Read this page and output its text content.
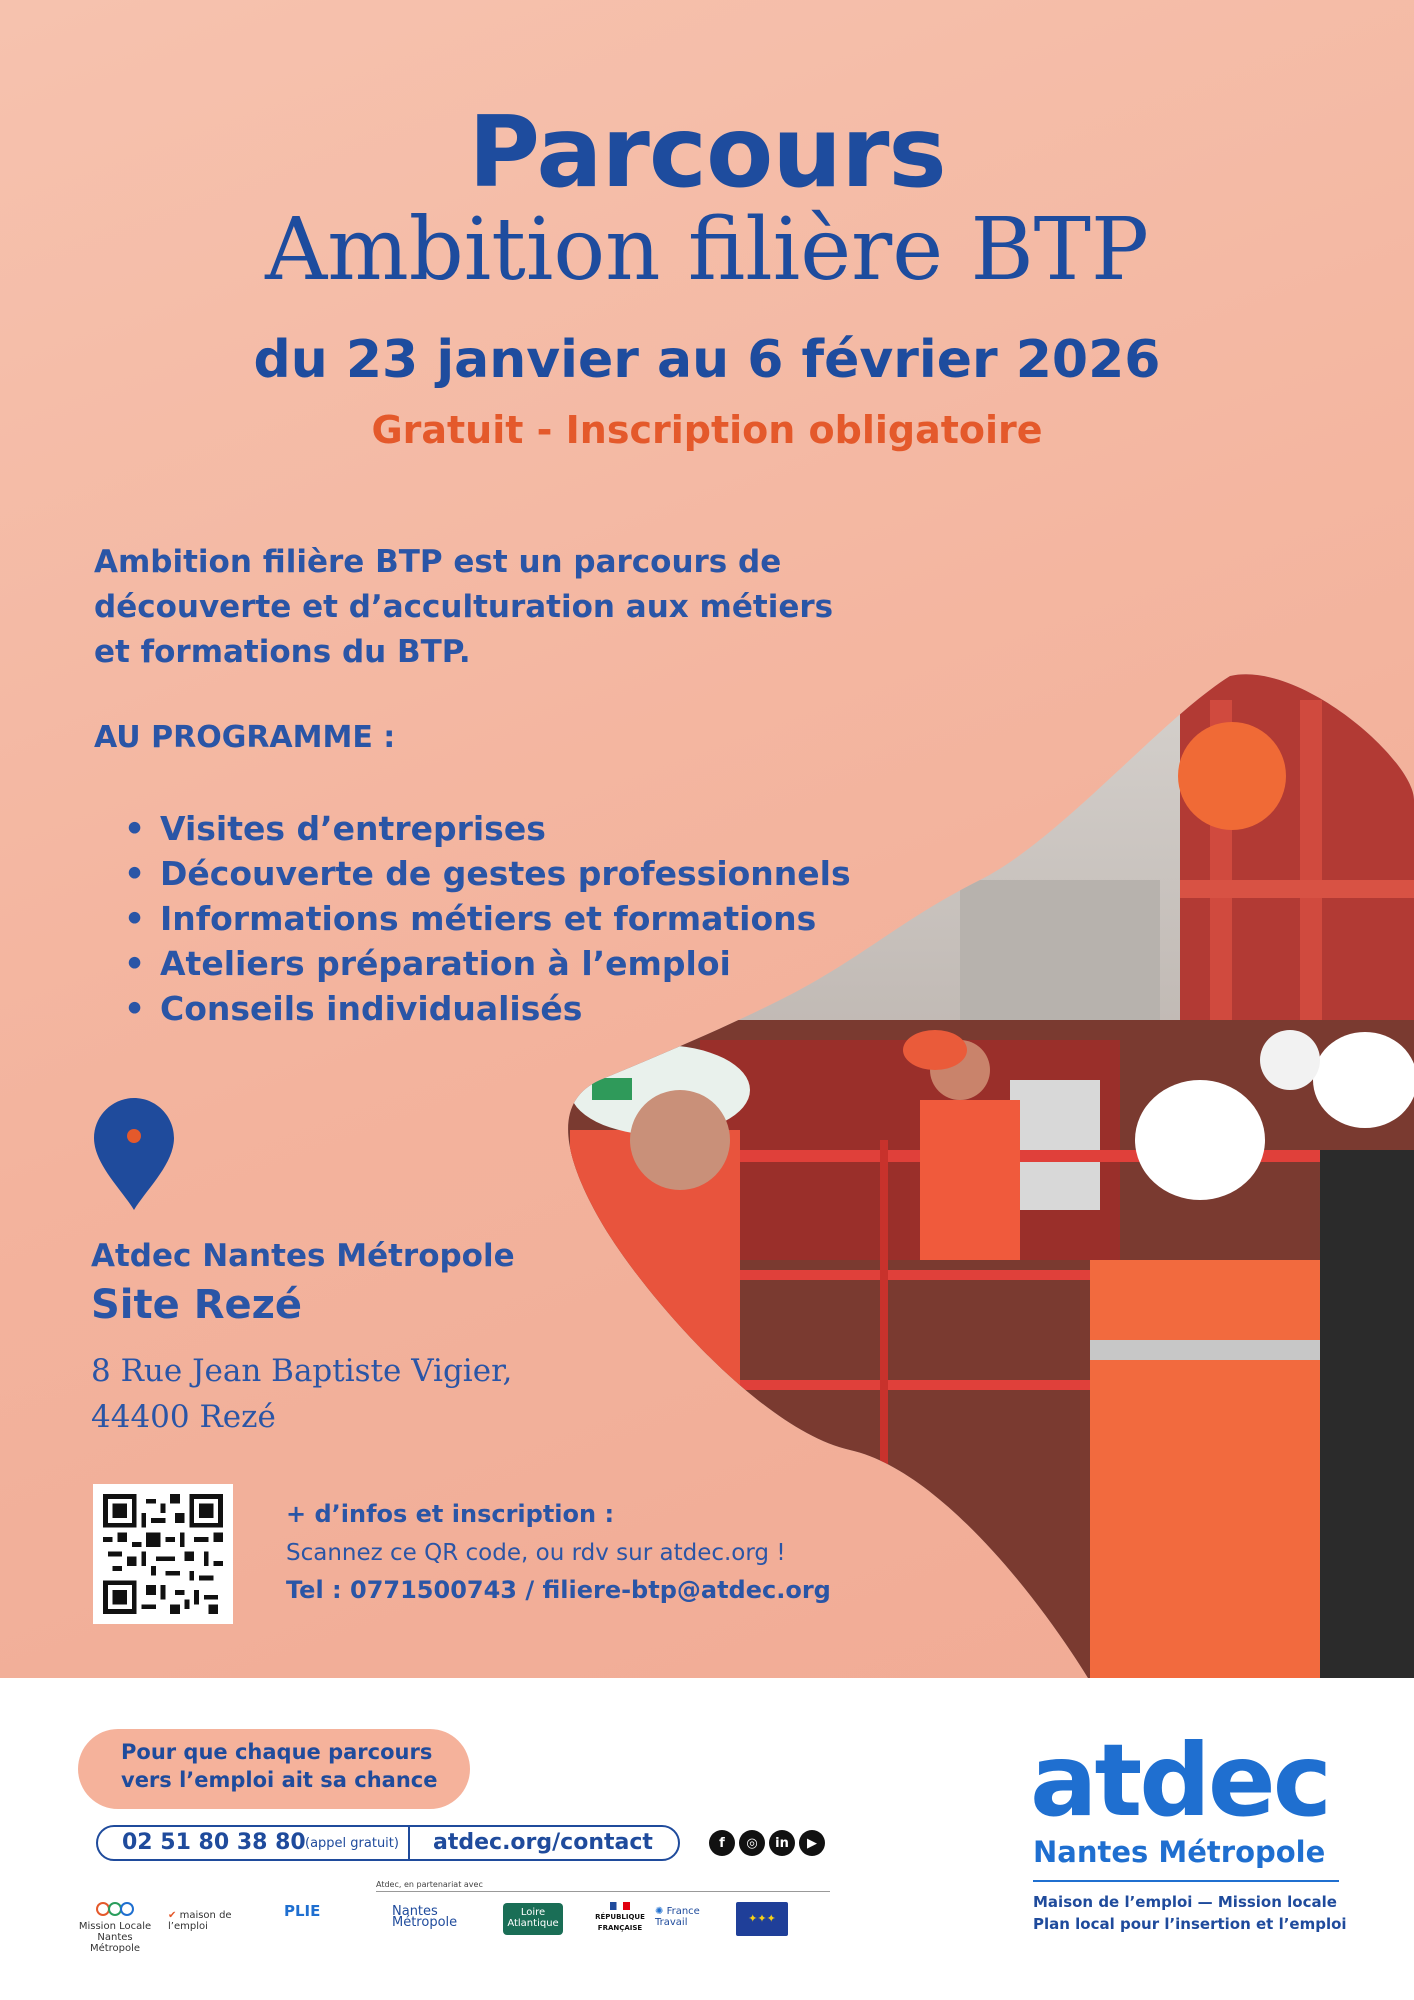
Parcours
Ambition filière BTP
du 23 janvier au 6 février 2026
Gratuit - Inscription obligatoire
Ambition filière BTP est un parcours de découverte et d’acculturation aux métiers et formations du BTP.
AU PROGRAMME :
• Visites d’entreprises
• Découverte de gestes professionnels
• Informations métiers et formations
• Ateliers préparation à l’emploi
• Conseils individualisés
Atdec Nantes Métropole
Site Rezé
8 Rue Jean Baptiste Vigier,
44400 Rezé
+ d’infos et inscription :
Scannez ce QR code, ou rdv sur atdec.org !
Tel : 0771500743 / filiere-btp@atdec.org
Pour que chaque parcours
vers l’emploi ait sa chance
02 51 80 38 80 (appel gratuit) atdec.org/contact	f	◎	in	▶
Atdec, en partenariat avec
Mission Locale Nantes Métropole
✔ maison de l’emploi
PLIE	Nantes Métropole
Loire Atlantique
RÉPUBLIQUE FRANÇAISE
✺ France Travail	✦✦✦
atdec
Nantes Métropole
Maison de l’emploi — Mission locale
Plan local pour l’insertion et l’emploi
